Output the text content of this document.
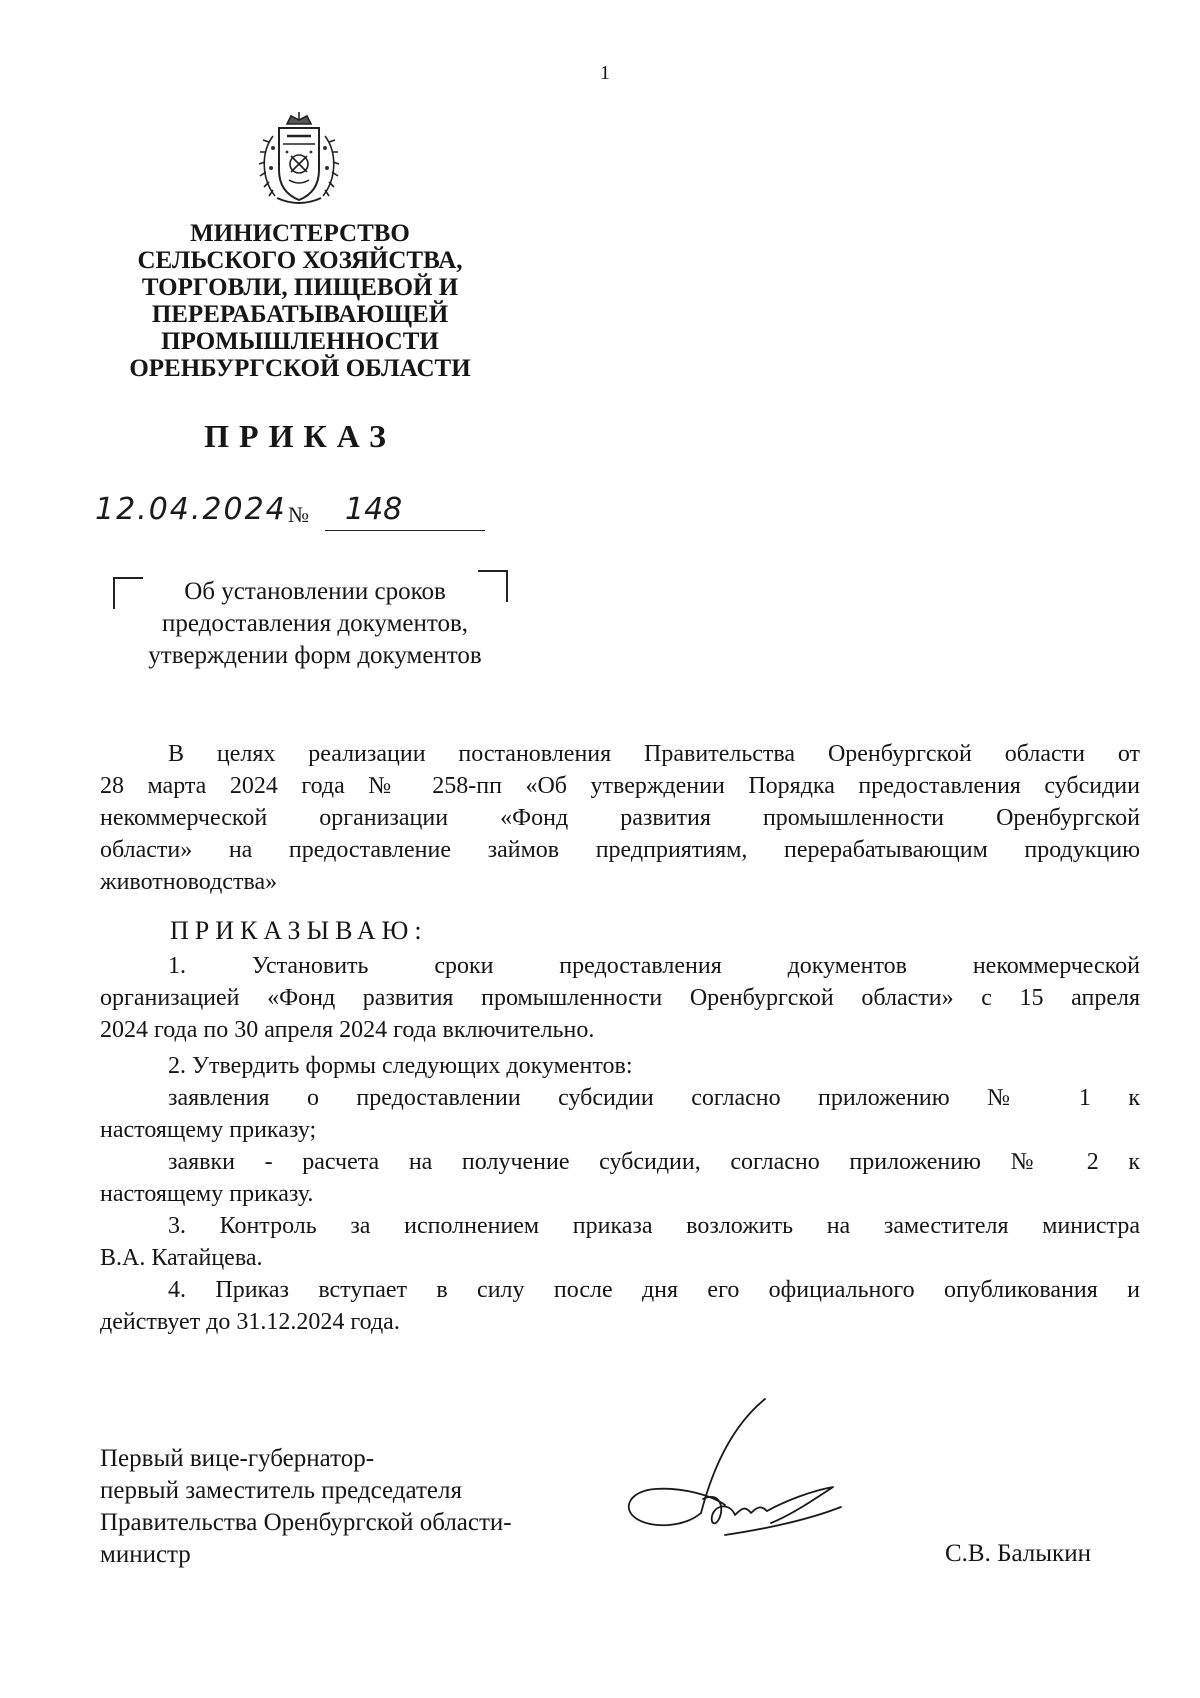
1
МИНИСТЕРСТВО
СЕЛЬСКОГО ХОЗЯЙСТВА,
ТОРГОВЛИ, ПИЩЕВОЙ И
ПЕРЕРАБАТЫВАЮЩЕЙ
ПРОМЫШЛЕННОСТИ
ОРЕНБУРГСКОЙ ОБЛАСТИ
ПРИКАЗ
12.04.2024 № 148
Об установлении сроков
предоставления документов,
утверждении форм документов
В целях реализации постановления Правительства Оренбургской области от
28 марта 2024 года № 258-пп «Об утверждении Порядка предоставления субсидии
некоммерческой организации «Фонд развития промышленности Оренбургской
области» на предоставление займов предприятиям, перерабатывающим продукцию
животноводства»
ПРИКАЗЫВАЮ:
1. Установить сроки предоставления документов некоммерческой
организацией «Фонд развития промышленности Оренбургской области» с 15 апреля
2024 года по 30 апреля 2024 года включительно.
2. Утвердить формы следующих документов:
заявления о предоставлении субсидии согласно приложению № 1 к
настоящему приказу;
заявки - расчета на получение субсидии, согласно приложению № 2 к
настоящему приказу.
3. Контроль за исполнением приказа возложить на заместителя министра
В.А. Катайцева.
4. Приказ вступает в силу после дня его официального опубликования и
действует до 31.12.2024 года.
Первый вице-губернатор-
первый заместитель председателя
Правительства Оренбургской области-
министр	С.В. Балыкин
